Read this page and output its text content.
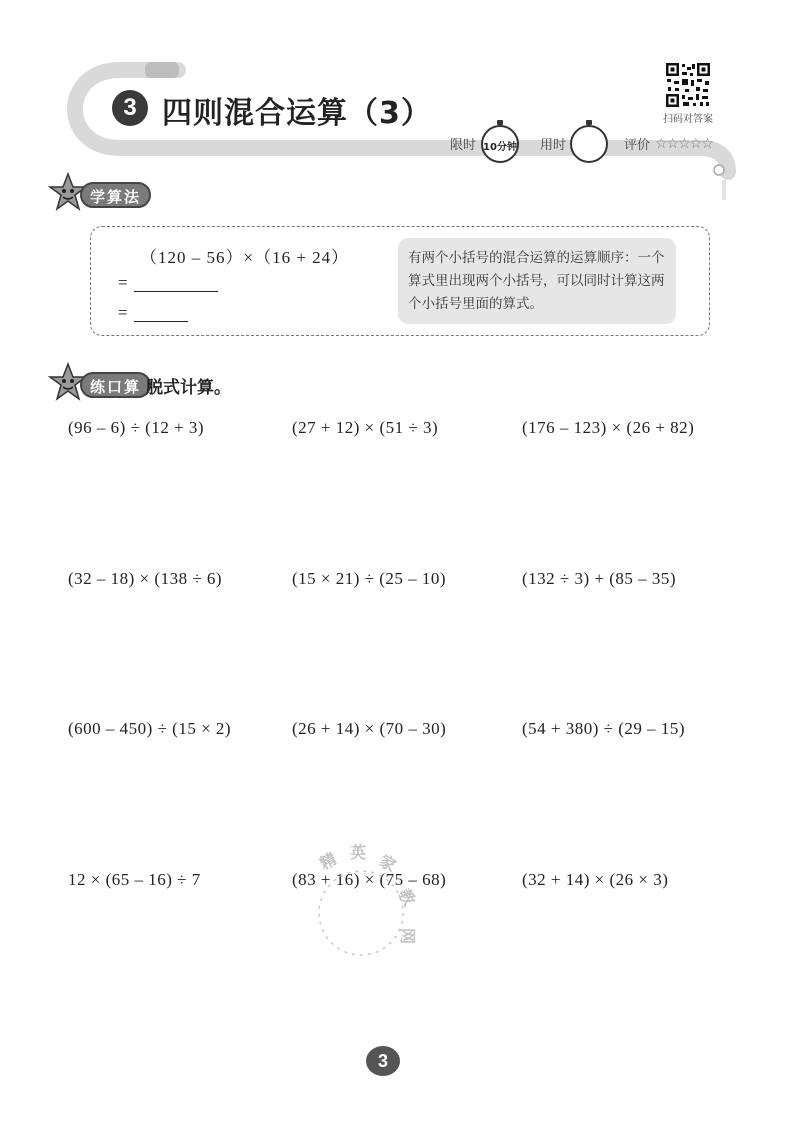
3 四则混合运算（3）	扫码对答案
限时 10分钟 用时	评价 ☆☆☆☆☆
学算法
（120 – 56）×（16 + 24）
=
=
有两个小括号的混合运算的运算顺序：一个算式里出现两个小括号，可以同时计算这两个小括号里面的算式。
练口算 脱式计算。
(96 – 6) ÷ (12 + 3)	(27 + 12) × (51 ÷ 3)	(176 – 123) × (26 + 82)
(32 – 18) × (138 ÷ 6)	(15 × 21) ÷ (25 – 10)	(132 ÷ 3) + (85 – 35)
(600 – 450) ÷ (15 × 2)	(26 + 14) × (70 – 30)	(54 + 380) ÷ (29 – 15)
12 × (65 – 16) ÷ 7	(83 + 16) × (75 – 68)	(32 + 14) × (26 × 3)
精 英 家
教
网
3
